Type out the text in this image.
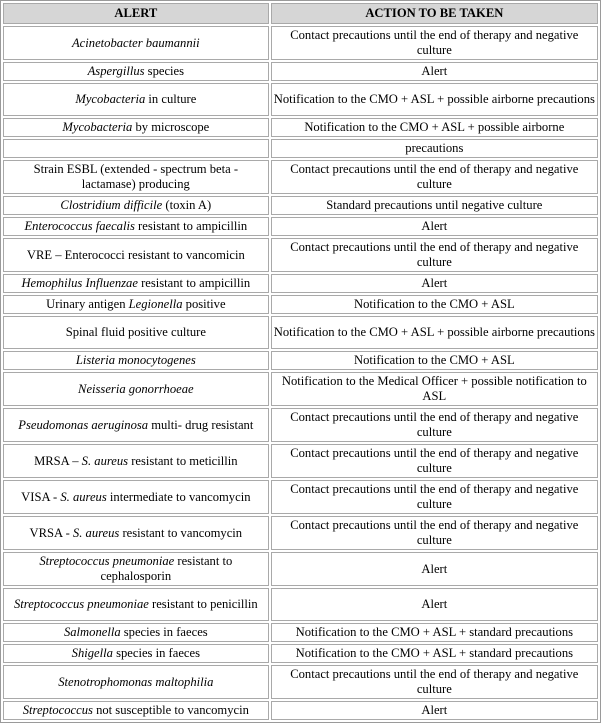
ALERT	ACTION TO BE TAKEN
Acinetobacter baumannii	Contact precautions until the end of therapy and negative culture
Aspergillus species	Alert
Mycobacteria in culture	Notification to the CMO + ASL + possible airborne precautions
Mycobacteria by microscope	Notification to the CMO + ASL + possible airborne
	precautions
Strain ESBL (extended - spectrum beta - lactamase) producing	Contact precautions until the end of therapy and negative culture
Clostridium difficile (toxin A)	Standard precautions until negative culture
Enterococcus faecalis resistant to ampicillin	Alert
VRE – Enterococci resistant to vancomicin	Contact precautions until the end of therapy and negative culture
Hemophilus Influenzae resistant to ampicillin	Alert
Urinary antigen Legionella positive	Notification to the CMO + ASL
Spinal fluid positive culture	Notification to the CMO + ASL + possible airborne precautions
Listeria monocytogenes	Notification to the CMO + ASL
Neisseria gonorrhoeae	Notification to the Medical Officer + possible notification to ASL
Pseudomonas aeruginosa multi- drug resistant	Contact precautions until the end of therapy and negative culture
MRSA – S. aureus resistant to meticillin	Contact precautions until the end of therapy and negative culture
VISA - S. aureus intermediate to vancomycin	Contact precautions until the end of therapy and negative culture
VRSA - S. aureus resistant to vancomycin	Contact precautions until the end of therapy and negative culture
Streptococcus pneumoniae resistant to cephalosporin	Alert
Streptococcus pneumoniae resistant to penicillin	Alert
Salmonella species in faeces	Notification to the CMO + ASL + standard precautions
Shigella species in faeces	Notification to the CMO + ASL + standard precautions
Stenotrophomonas maltophilia	Contact precautions until the end of therapy and negative culture
Streptococcus not susceptible to vancomycin	Alert
